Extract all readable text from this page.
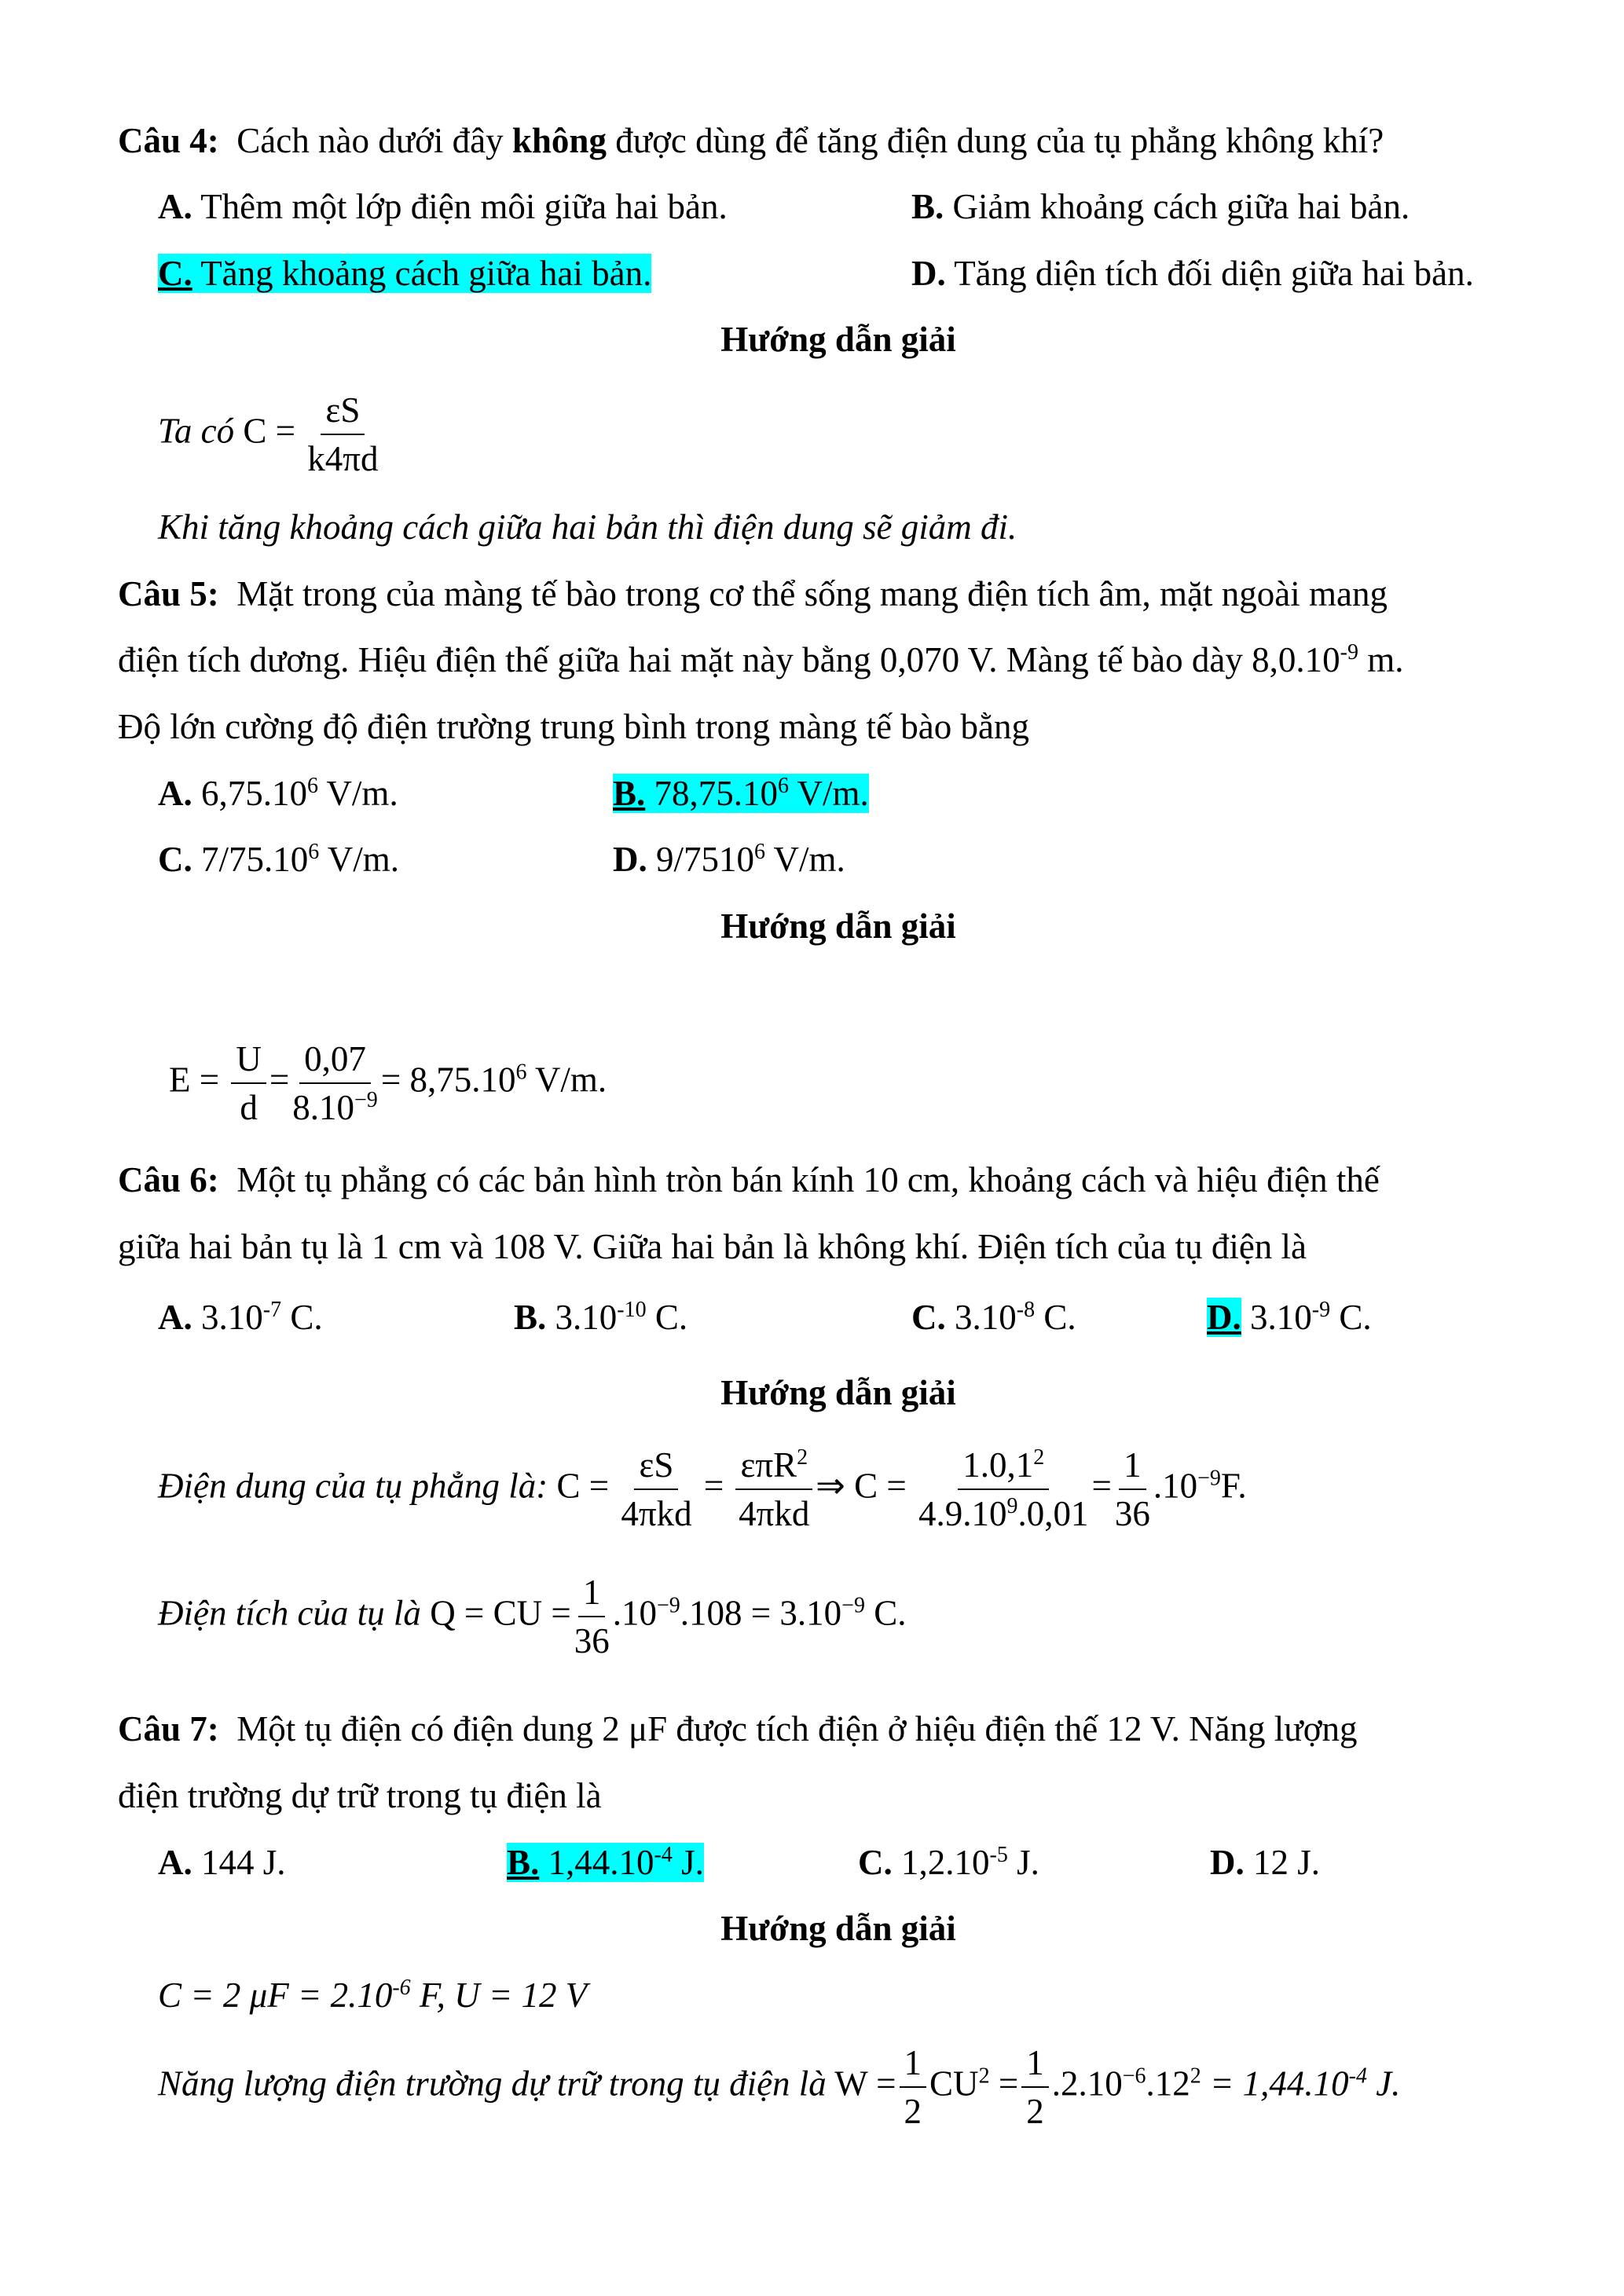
Câu 4: Cách nào dưới đây không được dùng để tăng điện dung của tụ phẳng không khí?
A. Thêm một lớp điện môi giữa hai bản.	B. Giảm khoảng cách giữa hai bản.
C. Tăng khoảng cách giữa hai bản.	D. Tăng diện tích đối diện giữa hai bản.
Hướng dẫn giải
Ta có $C = \frac{\varepsilon S}{k4\pi d}$
Khi tăng khoảng cách giữa hai bản thì điện dung sẽ giảm đi.
Câu 5: Mặt trong của màng tế bào trong cơ thể sống mang điện tích âm, mặt ngoài mang
điện tích dương. Hiệu điện thế giữa hai mặt này bằng 0,070 V. Màng tế bào dày $8,0.10^{-9}$ m.
Độ lớn cường độ điện trường trung bình trong màng tế bào bằng
A. 6,75.10$^6$ V/m.	B. 78,75.10$^6$ V/m.
C. 7/75.10$^6$ V/m.	D. 9/7510$^6$ V/m.
Hướng dẫn giải
$E = \frac{U}{d} = \frac{0,07}{8.10^{-9}} = 8,75.10^6$ V/m.
Câu 6: Một tụ phẳng có các bản hình tròn bán kính 10 cm, khoảng cách và hiệu điện thế
giữa hai bản tụ là 1 cm và 108 V. Giữa hai bản là không khí. Điện tích của tụ điện là
A. $3.10^{-7}$ C.	B. $3.10^{-10}$ C.	C. $3.10^{-8}$ C.	D. $3.10^{-9}$ C.
Hướng dẫn giải
Điện dung của tụ phẳng là: $C = \frac{\varepsilon S}{\text{4πkd}} = \frac{\varepsilon\pi R^2}{\text{4πkd}}$ ⇒ $C = \frac{1.0,1^2}{4.9.10^9.0,01} = \frac{1}{36} .10^{-9}F$.
Điện tích của tụ là Q = CU = $\frac{1}{36} .10^{-9}.108 = 3.10^{-9}$ C.
Câu 7: Một tụ điện có điện dung 2 μF được tích điện ở hiệu điện thế 12 V. Năng lượng
điện trường dự trữ trong tụ điện là
A. 144 J.	B. $1,44.10^{-4}$ J.	C. $1,2.10^{-5}$ J.	D. 12 J.
Hướng dẫn giải
C = 2 $\mu F = 2.10^{-6}$ F, U = 12 V
Năng lượng điện trường dự trữ trong tụ điện là $W = \frac{1}{2} CU^2 = \frac{1}{2} .2.10^{-6}.12^2 = 1,44.10^{-4}$ J.
